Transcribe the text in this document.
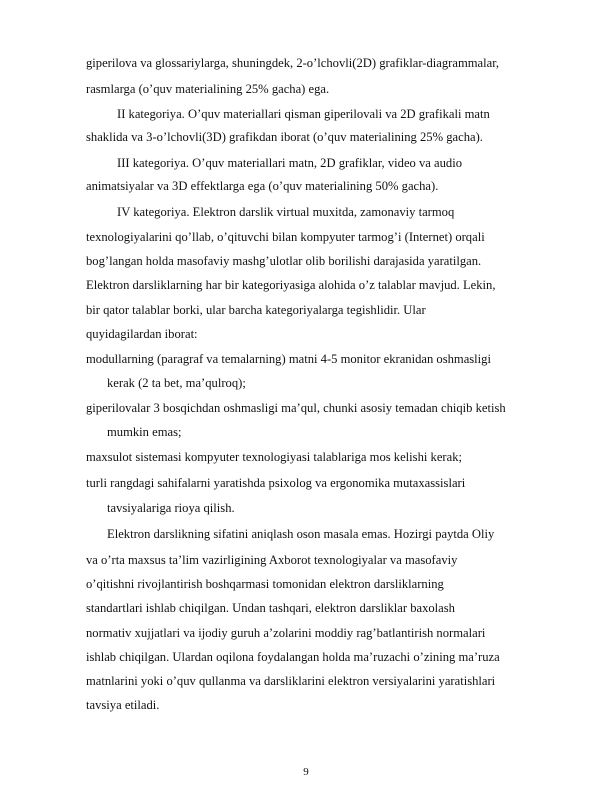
giperilova va glossariylarga, shuningdek, 2-o’lchovli(2D) grafiklar-diagrammalar,
rasmlarga (o’quv materialining 25% gacha) ega.
II kategoriya. O’quv materiallari qisman giperilovali va 2D grafikali matn
shaklida va 3-o’lchovli(3D) grafikdan iborat (o’quv materialining 25% gacha).
III kategoriya. O’quv materiallari matn, 2D grafiklar, video va audio
animatsiyalar va 3D effektlarga ega (o’quv materialining 50% gacha).
IV kategoriya. Elektron darslik virtual muxitda, zamonaviy tarmoq
texnologiyalarini qo’llab, o’qituvchi bilan kompyuter tarmog’i (Internet) orqali
bog’langan holda masofaviy mashg’ulotlar olib borilishi darajasida yaratilgan.
Elektron darsliklarning har bir kategoriyasiga alohida o’z talablar mavjud. Lekin,
bir qator talablar borki, ular barcha kategoriyalarga tegishlidir. Ular
quyidagilardan iborat:
modullarning (paragraf va temalarning) matni 4-5 monitor ekranidan oshmasligi
kerak (2 ta bet, ma’qulroq);
giperilovalar 3 bosqichdan oshmasligi ma’qul, chunki asosiy temadan chiqib ketish
mumkin emas;
maxsulot sistemasi kompyuter texnologiyasi talablariga mos kelishi kerak;
turli rangdagi sahifalarni yaratishda psixolog va ergonomika mutaxassislari
tavsiyalariga rioya qilish.
Elektron darslikning sifatini aniqlash oson masala emas. Hozirgi paytda Oliy
va o’rta maxsus ta’lim vazirligining Axborot texnologiyalar va masofaviy
o’qitishni rivojlantirish boshqarmasi tomonidan elektron darsliklarning
standartlari ishlab chiqilgan. Undan tashqari, elektron darsliklar baxolash
normativ xujjatlari va ijodiy guruh a’zolarini moddiy rag’batlantirish normalari
ishlab chiqilgan. Ulardan oqilona foydalangan holda ma’ruzachi o’zining ma’ruza
matnlarini yoki o’quv qullanma va darsliklarini elektron versiyalarini yaratishlari
tavsiya etiladi.
9
